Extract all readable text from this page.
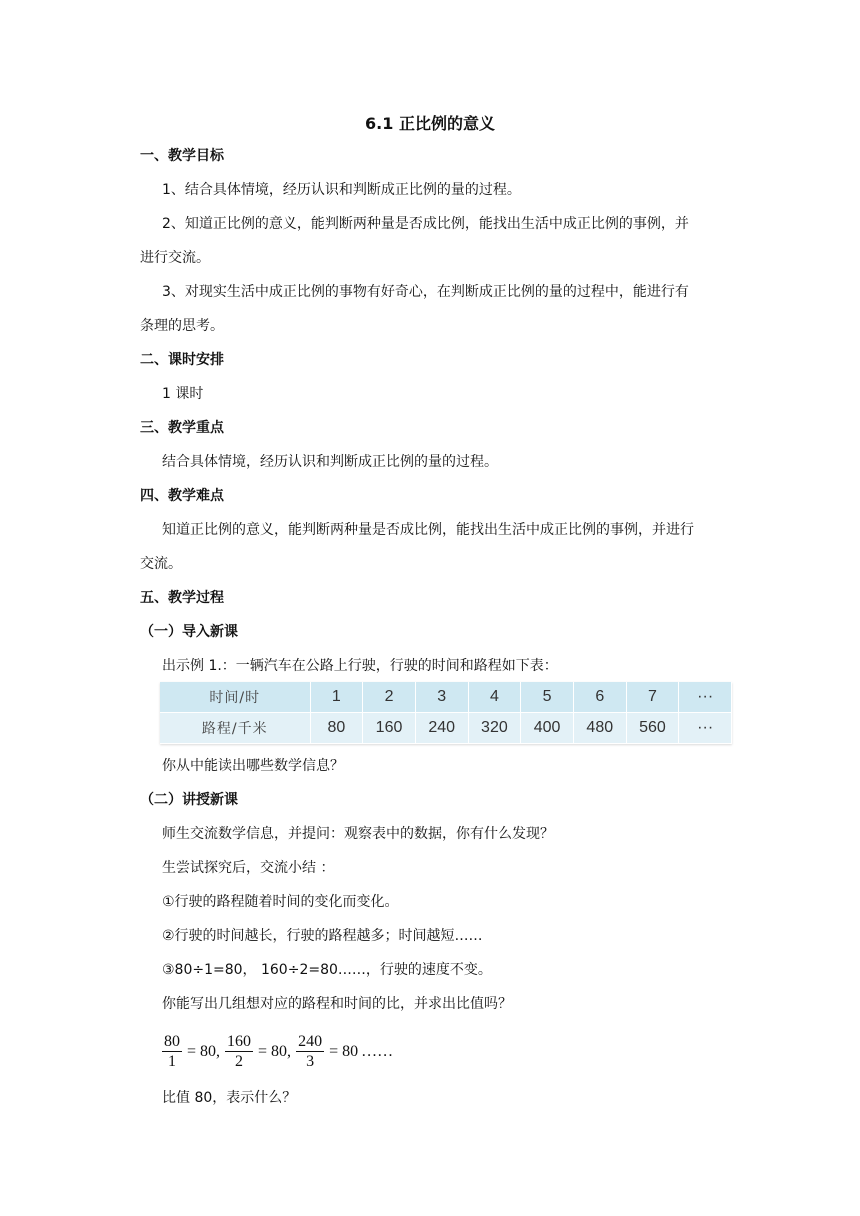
6.1 正比例的意义
一、教学目标
1、结合具体情境，经历认识和判断成正比例的量的过程。
2、知道正比例的意义，能判断两种量是否成比例，能找出生活中成正比例的事例，并
进行交流。
3、对现实生活中成正比例的事物有好奇心，在判断成正比例的量的过程中，能进行有
条理的思考。
二、课时安排
1 课时
三、教学重点
结合具体情境，经历认识和判断成正比例的量的过程。
四、教学难点
知道正比例的意义，能判断两种量是否成比例，能找出生活中成正比例的事例，并进行
交流。
五、教学过程
（一）导入新课
出示例 1.：一辆汽车在公路上行驶，行驶的时间和路程如下表：
时间/时	1	2	3	4	5	6	7	···
路程/千米	80	160	240	320	400	480	560	···
你从中能读出哪些数学信息？
（二）讲授新课
师生交流数学信息，并提问：观察表中的数据，你有什么发现？
生尝试探究后，交流小结 ：
①行驶的路程随着时间的变化而变化。
②行驶的时间越长，行驶的路程越多；时间越短……
③80÷1=80， 160÷2=80……，行驶的速度不变。
你能写出几组想对应的路程和时间的比，并求出比值吗？
$\frac{80}{1} = 80$, $\frac{160}{2} = 80$, $\frac{240}{3} = 80$ ……
比值 80，表示什么？
